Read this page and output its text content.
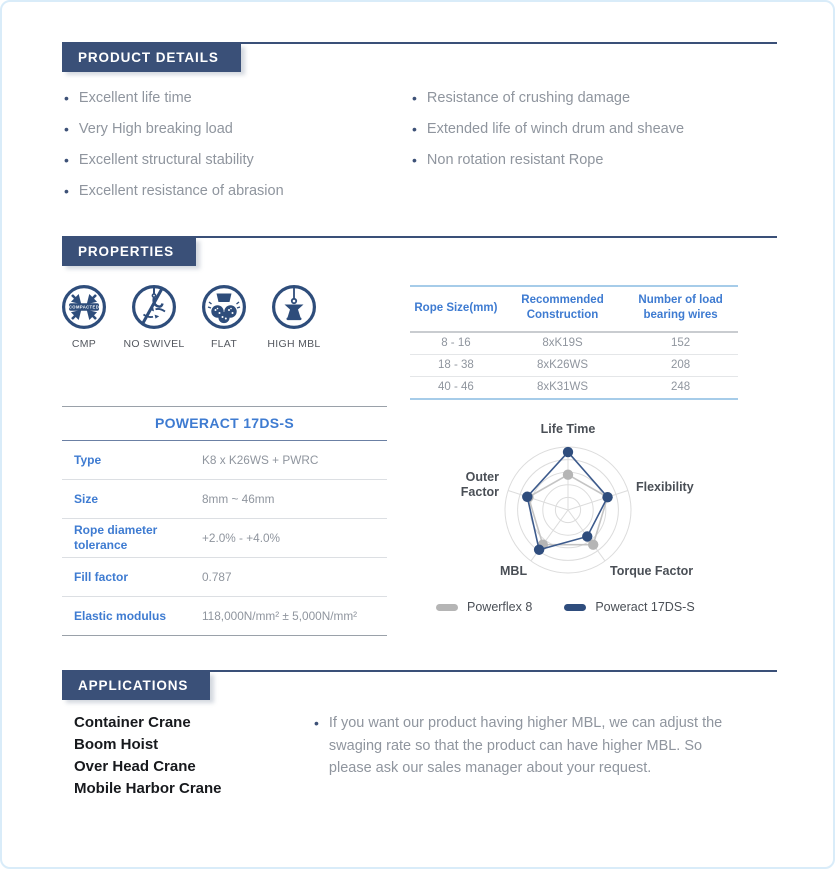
PRODUCT DETAILS
• Excellent life time
• Very High breaking load
• Excellent structural stability
• Excellent resistance of abrasion
• Resistance of crushing damage
• Extended life of winch drum and sheave
• Non rotation resistant Rope
PROPERTIES
COMPACTED
CMP	NO SWIVEL	FLAT	HIGH MBL
Rope Size(mm)	Recommended Construction	Number of load bearing wires
8 - 16	8xK19S	152
18 - 38	8xK26WS	208
40 - 46	8xK31WS	248
POWERACT 17DS-S
Type	K8 x K26WS + PWRC
Size	8mm ~ 46mm
Rope diameter tolerance	+2.0% - +4.0%
Fill factor	0.787
Elastic modulus	118,000N/mm² ± 5,000N/mm²
Life Time
Flexibility
Torque Factor
MBL
Outer Factor
Powerflex 8	Poweract 17DS-S
APPLICATIONS
Container Crane
Boom Hoist
Over Head Crane
Mobile Harbor Crane
• If you want our product having higher MBL, we can adjust the swaging rate so that the product can have higher MBL. So please ask our sales manager about your request.
